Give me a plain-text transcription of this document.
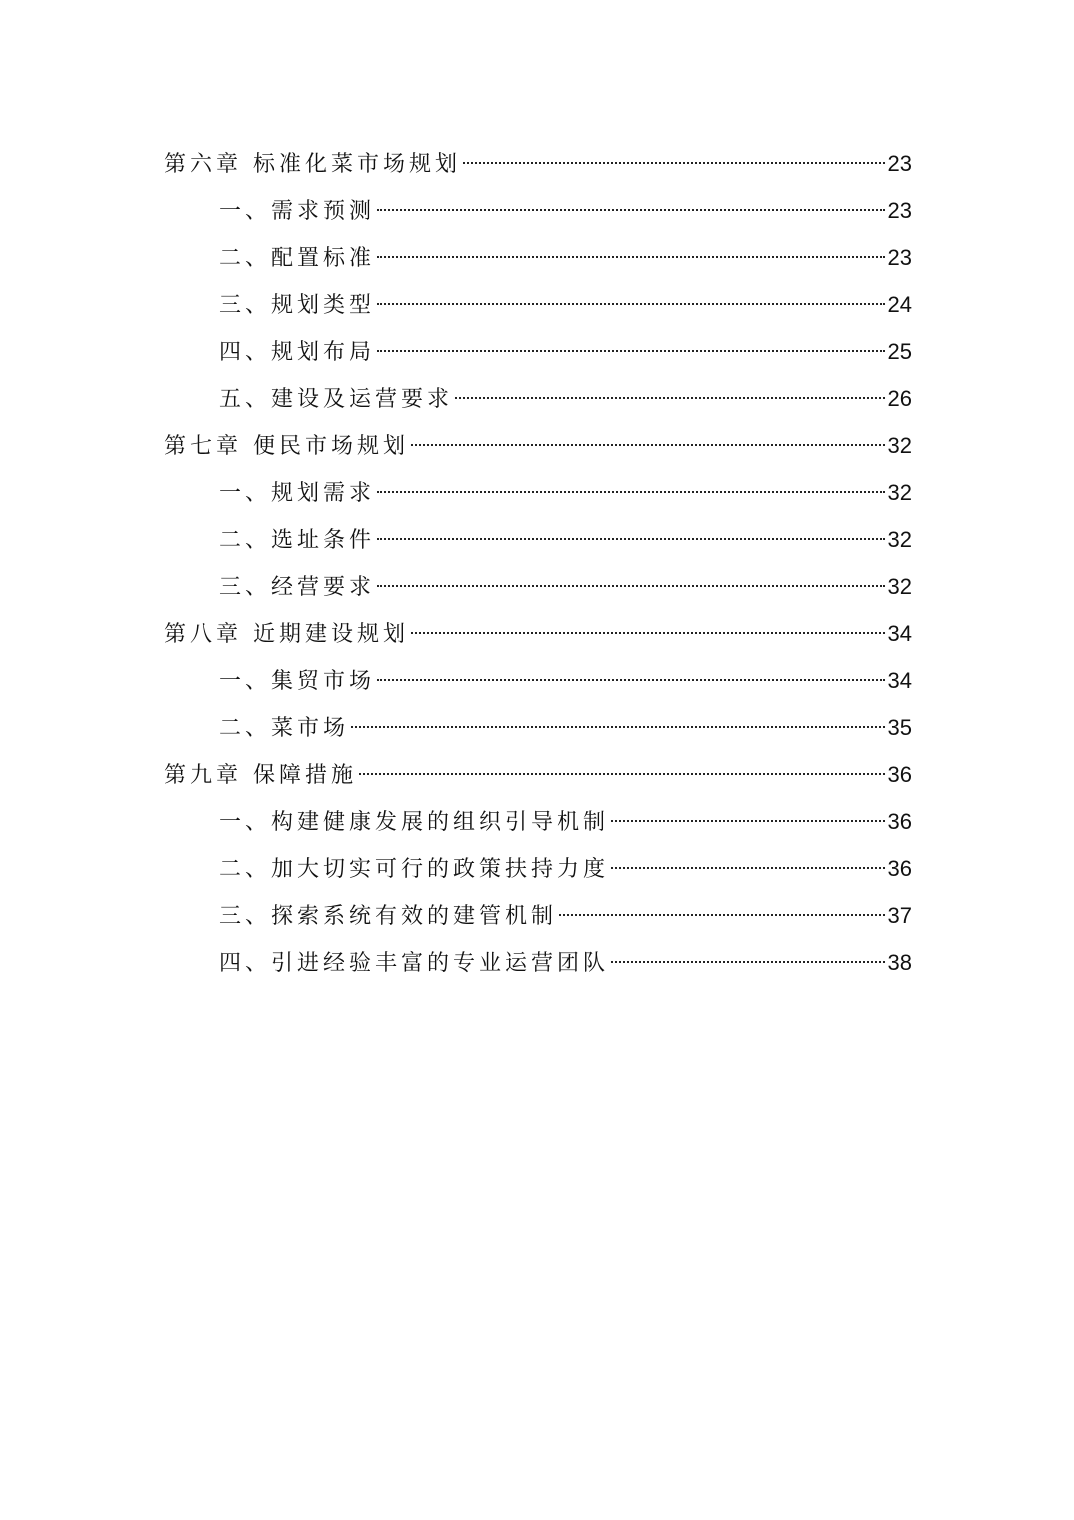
第六章 标准化菜市场规划	23
一、需求预测	23
二、配置标准	23
三、规划类型	24
四、规划布局	25
五、建设及运营要求	26
第七章 便民市场规划	32
一、规划需求	32
二、选址条件	32
三、经营要求	32
第八章 近期建设规划	34
一、集贸市场	34
二、菜市场	35
第九章 保障措施	36
一、构建健康发展的组织引导机制	36
二、加大切实可行的政策扶持力度	36
三、探索系统有效的建管机制	37
四、引进经验丰富的专业运营团队	38
